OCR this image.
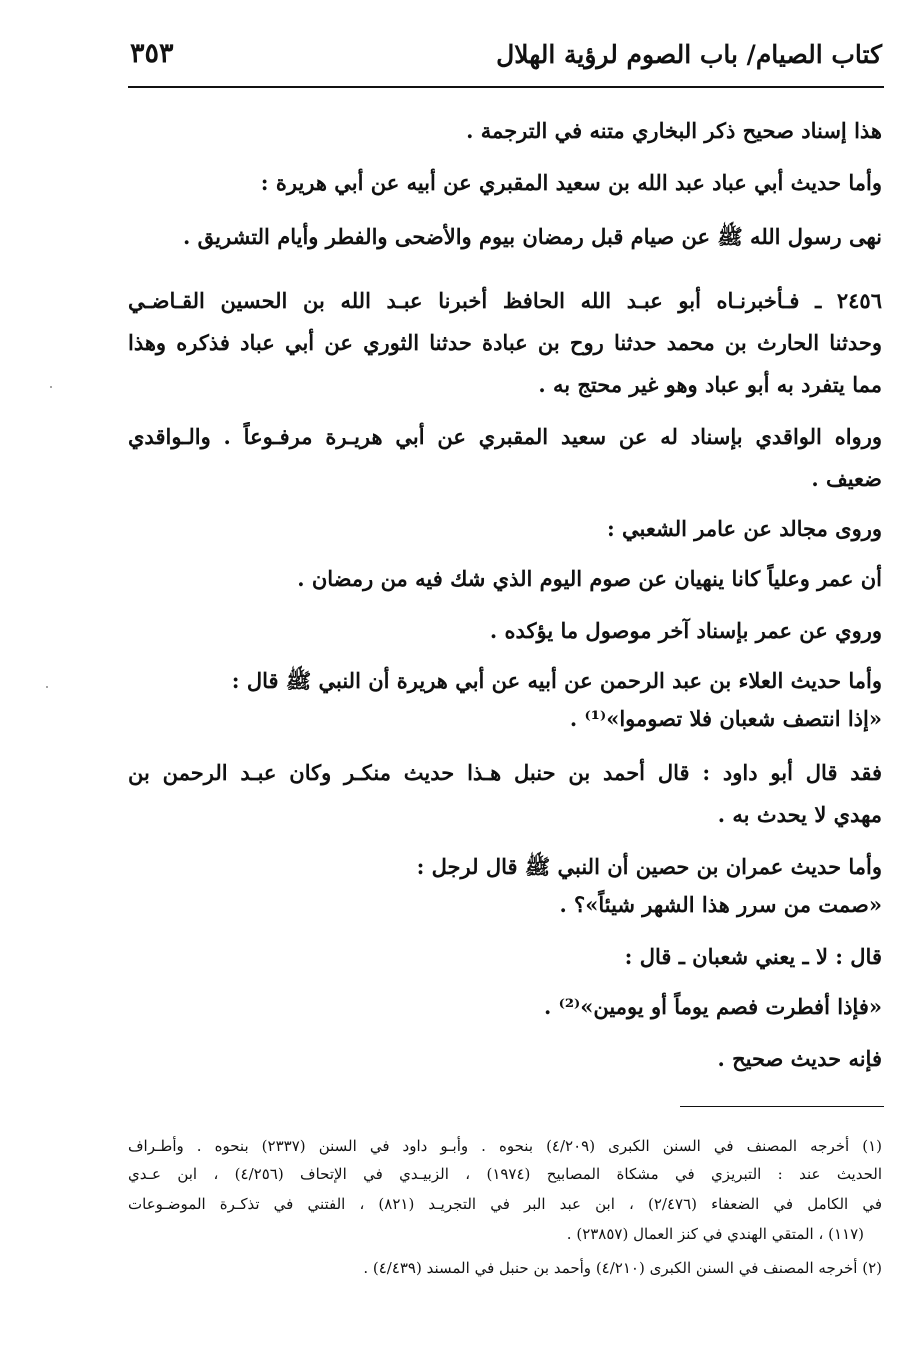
كتاب الصيام/ باب الصوم لرؤية الهلال
٣٥٣
هذا إسناد صحيح ذكر البخاري متنه في الترجمة .
وأما حديث أبي عباد عبد الله بن سعيد المقبري عن أبيه عن أبي هريرة :
نهى رسول الله ﷺ عن صيام قبل رمضان بيوم والأضحى والفطر وأيام التشريق .
٢٤٥٦ ـ فـأخبرنـاه أبو عبـد الله الحافظ أخبرنا عبـد الله بن الحسين القـاضـي
وحدثنا الحارث بن محمد حدثنا روح بن عبادة حدثنا الثوري عن أبي عباد فذكره وهذا
مما يتفرد به أبو عباد وهو غير محتج به .
ورواه الواقدي بإسناد له عن سعيد المقبري عن أبي هريـرة مرفـوعاً . والـواقدي
ضعيف .
وروى مجالد عن عامر الشعبي :
أن عمر وعلياً كانا ينهيان عن صوم اليوم الذي شك فيه من رمضان .
وروي عن عمر بإسناد آخر موصول ما يؤكده .
وأما حديث العلاء بن عبد الرحمن عن أبيه عن أبي هريرة أن النبي ﷺ قال :
«إذا انتصف شعبان فلا تصوموا»⁽¹⁾ .
فقد قال أبو داود : قال أحمد بن حنبل هـذا حديث منكـر وكان عبـد الرحمن بن
مهدي لا يحدث به .
وأما حديث عمران بن حصين أن النبي ﷺ قال لرجل :
«صمت من سرر هذا الشهر شيئاً»؟ .
قال : لا ـ يعني شعبان ـ قال :
«فإذا أفطرت فصم يوماً أو يومين»⁽²⁾ .
فإنه حديث صحيح .
(١) أخرجه المصنف في السنن الكبرى (٤/٢٠٩) بنحوه . وأبـو داود في السنن (٢٣٣٧) بنحوه . وأطـراف
الحديث عند : التبريزي في مشكاة المصابيح (١٩٧٤) ، الزبيـدي في الإتحاف (٤/٢٥٦) ، ابن عـدي
في الكامل في الضعفاء (٢/٤٧٦) ، ابن عبد البر في التجريـد (٨٢١) ، الفتني في تذكـرة الموضـوعات
(١١٧) ، المتقي الهندي في كنز العمال (٢٣٨٥٧) .
(٢) أخرجه المصنف في السنن الكبرى (٤/٢١٠) وأحمد بن حنبل في المسند (٤/٤٣٩) .
